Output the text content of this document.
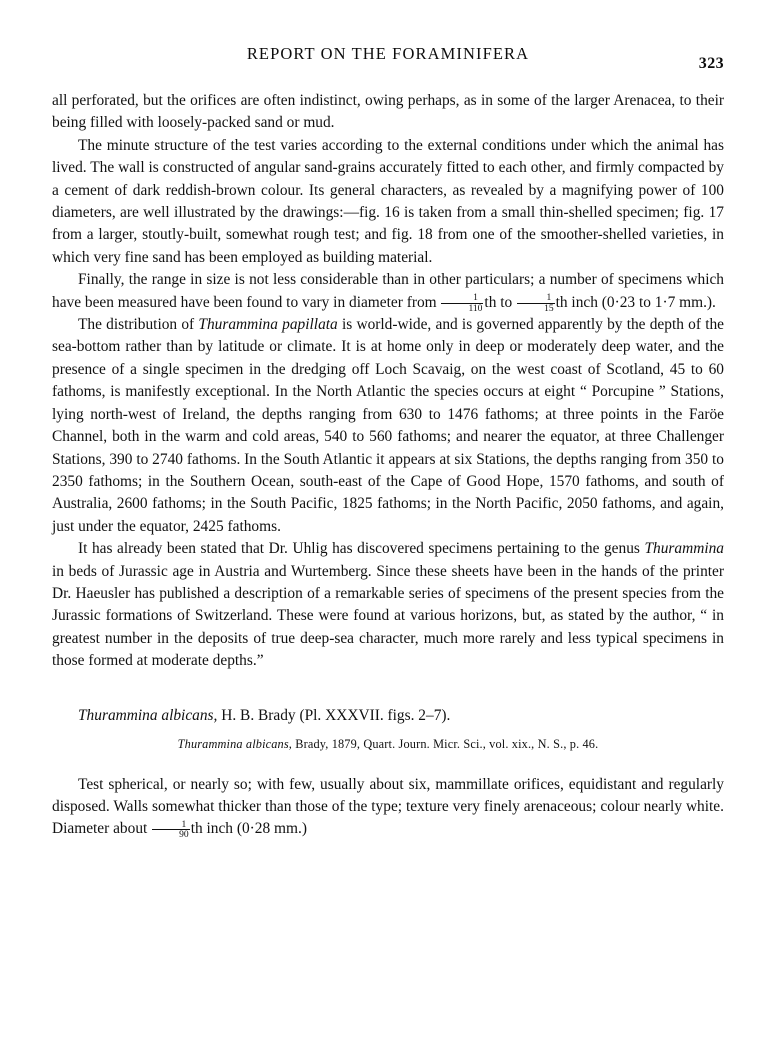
REPORT ON THE FORAMINIFERA
323

all perforated, but the orifices are often indistinct, owing perhaps, as in some of the larger Arenacea, to their being filled with loosely-packed sand or mud.

The minute structure of the test varies according to the external conditions under which the animal has lived. The wall is constructed of angular sand-grains accurately fitted to each other, and firmly compacted by a cement of dark reddish-brown colour. Its general characters, as revealed by a magnifying power of 100 diameters, are well illustrated by the drawings:—fig. 16 is taken from a small thin-shelled specimen; fig. 17 from a larger, stoutly-built, somewhat rough test; and fig. 18 from one of the smoother-shelled varieties, in which very fine sand has been employed as building material.

Finally, the range in size is not less considerable than in other particulars; a number of specimens which have been measured have been found to vary in diameter from $\frac{1}{110}$ th to $\frac{1}{15}$ th inch (0·23 to 1·7 mm.).

The distribution of Thurammina papillata is world-wide, and is governed apparently by the depth of the sea-bottom rather than by latitude or climate. It is at home only in deep or moderately deep water, and the presence of a single specimen in the dredging off Loch Scavaig, on the west coast of Scotland, 45 to 60 fathoms, is manifestly exceptional. In the North Atlantic the species occurs at eight “ Porcupine ” Stations, lying north-west of Ireland, the depths ranging from 630 to 1476 fathoms; at three points in the Faröe Channel, both in the warm and cold areas, 540 to 560 fathoms; and nearer the equator, at three Challenger Stations, 390 to 2740 fathoms. In the South Atlantic it appears at six Stations, the depths ranging from 350 to 2350 fathoms; in the Southern Ocean, south-east of the Cape of Good Hope, 1570 fathoms, and south of Australia, 2600 fathoms; in the South Pacific, 1825 fathoms; in the North Pacific, 2050 fathoms, and again, just under the equator, 2425 fathoms.

It has already been stated that Dr. Uhlig has discovered specimens pertaining to the genus Thurammina in beds of Jurassic age in Austria and Wurtemberg. Since these sheets have been in the hands of the printer Dr. Haeusler has published a description of a remarkable series of specimens of the present species from the Jurassic formations of Switzerland. These were found at various horizons, but, as stated by the author, “ in greatest number in the deposits of true deep-sea character, much more rarely and less typical specimens in those formed at moderate depths.”

Thurammina albicans, H. B. Brady (Pl. XXXVII. figs. 2–7).

Thurammina albicans, Brady, 1879, Quart. Journ. Micr. Sci., vol. xix., N. S., p. 46.

Test spherical, or nearly so; with few, usually about six, mammillate orifices, equidistant and regularly disposed. Walls somewhat thicker than those of the type; texture very finely arenaceous; colour nearly white. Diameter about $\frac{1}{90}$ th inch (0·28 mm.)
